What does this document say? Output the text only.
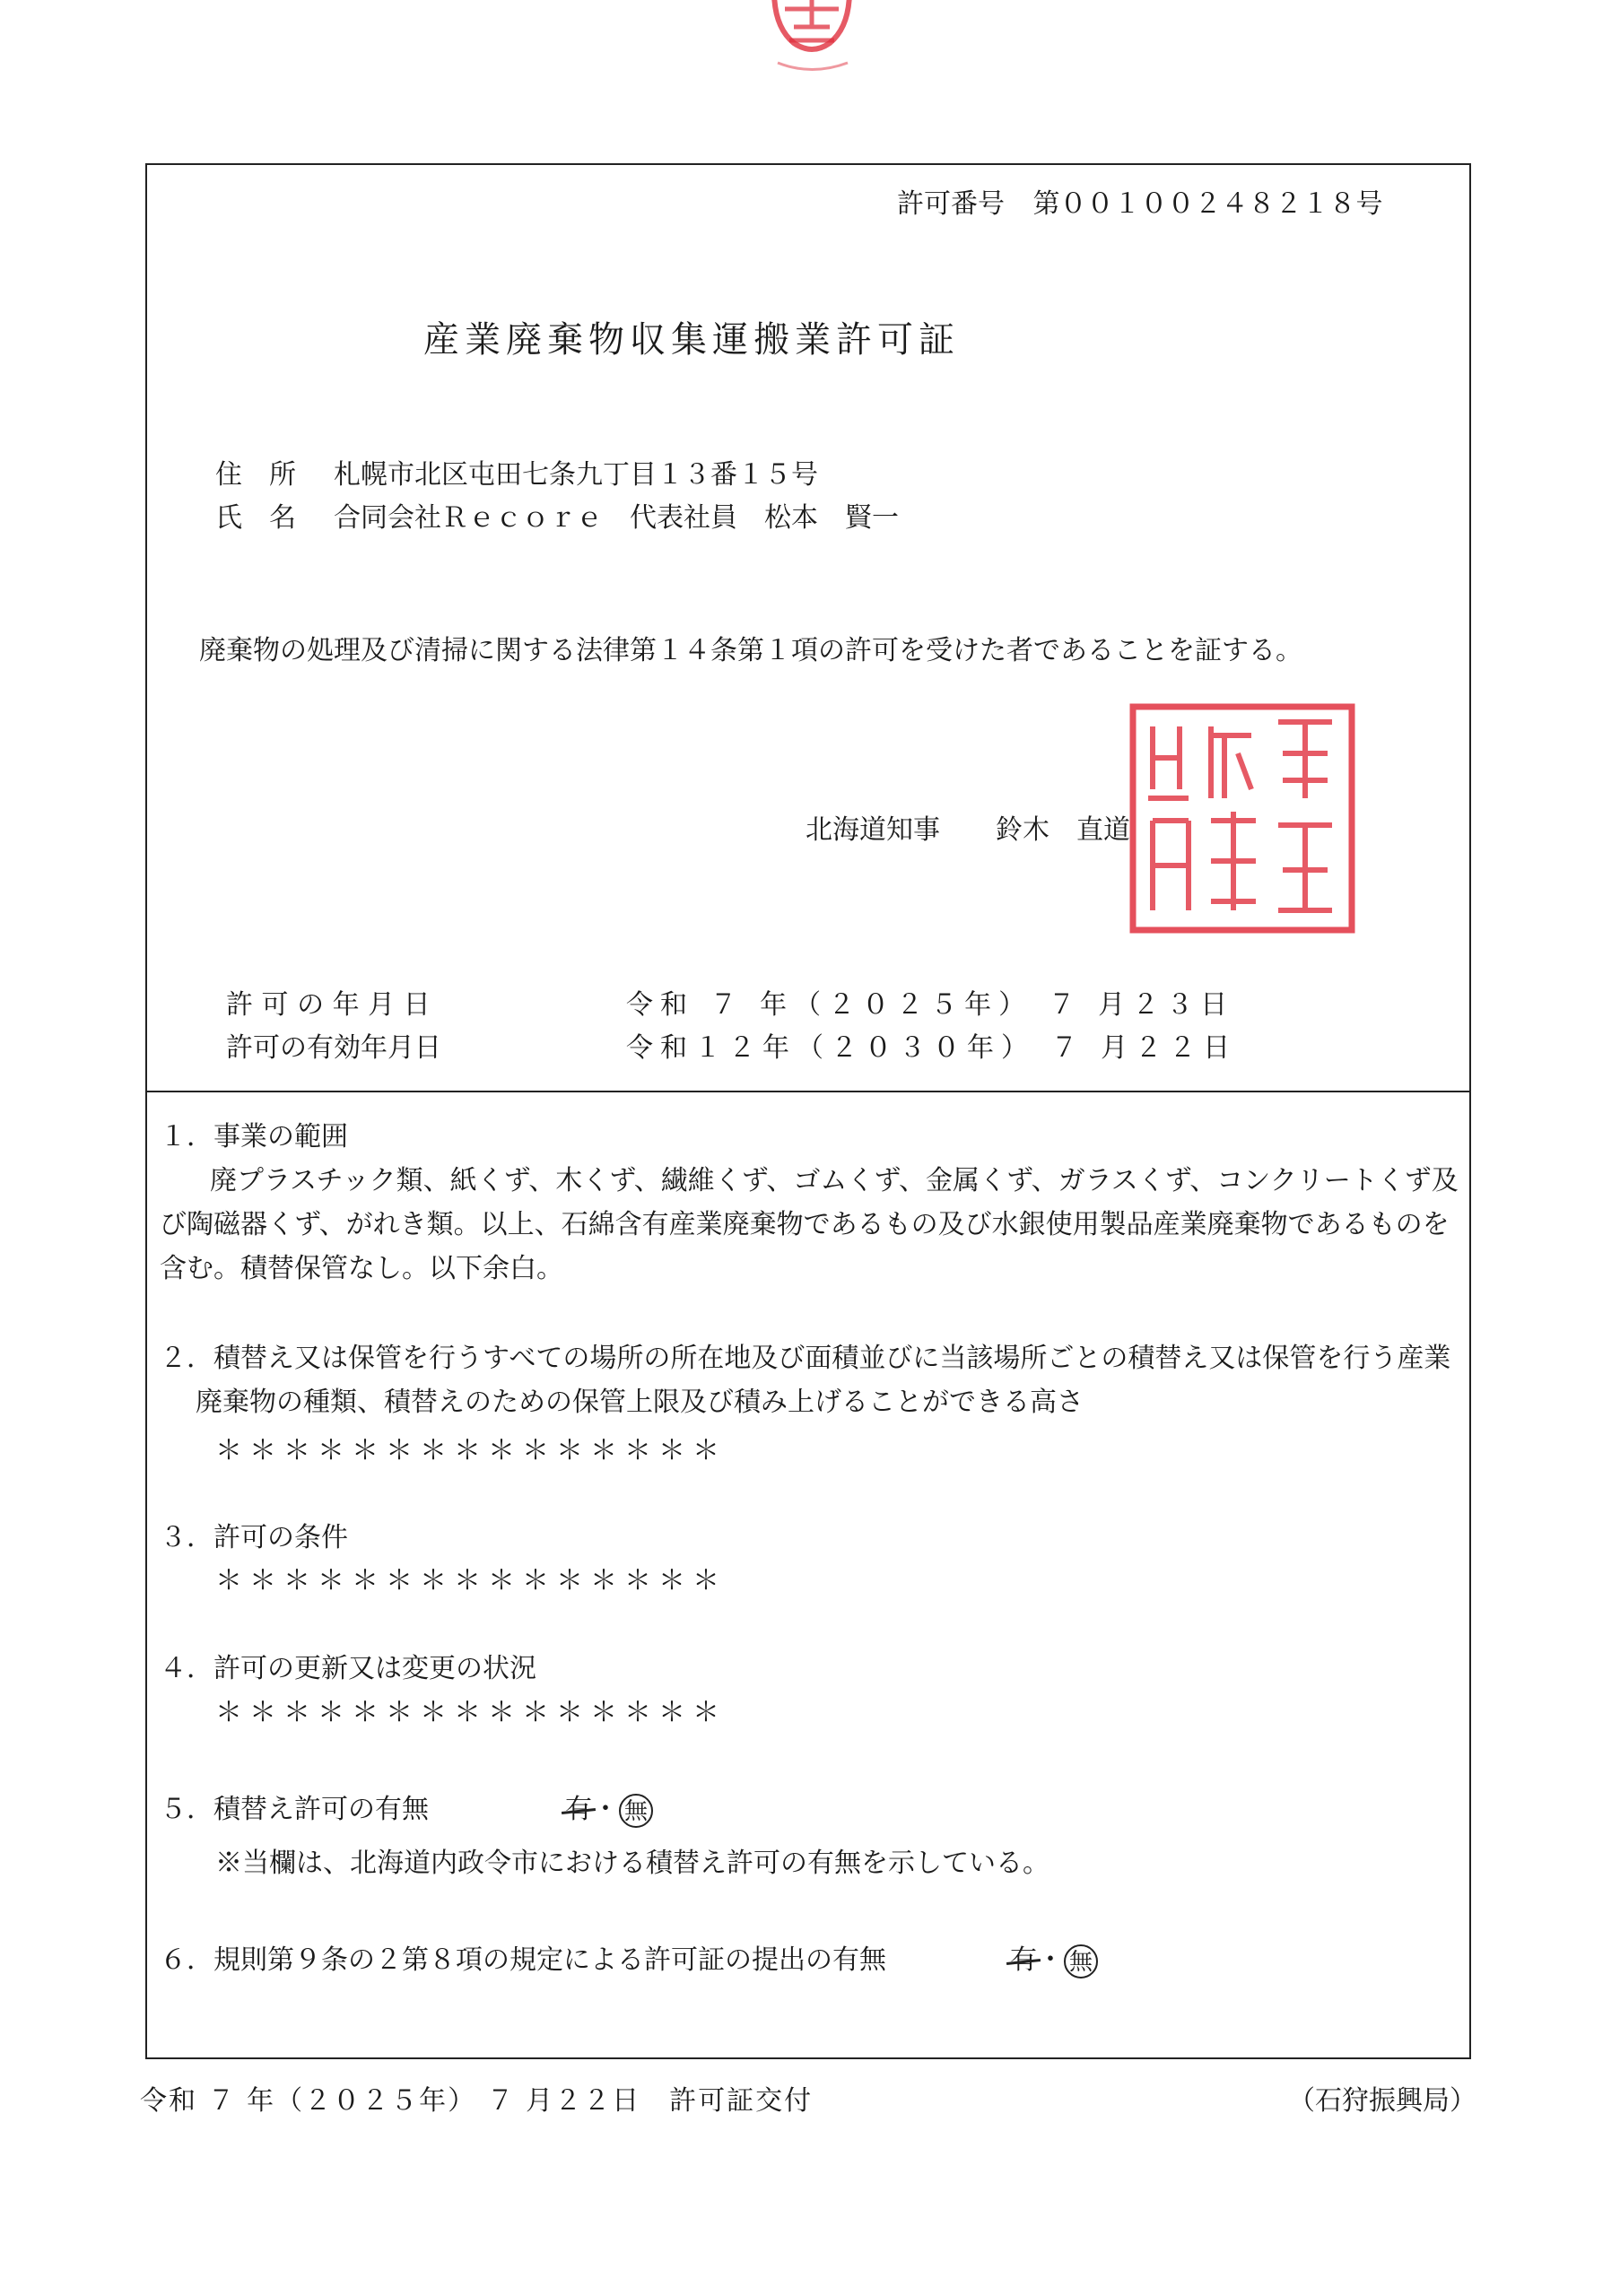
許可番号 第００１００２４８２１８号
産業廃棄物収集運搬業許可証
住　所 札幌市北区屯田七条九丁目１３番１５号
氏　名 合同会社Ｒｅｃｏｒｅ　代表社員　松本　賢一
廃棄物の処理及び清掃に関する法律第１４条第１項の許可を受けた者であることを証する。
北海道知事 鈴木　直道
許 可 の 年 月 日	令和 ７ 年（２０２５年） ７ 月２３日
許可の有効年月日	令和１２年（２０３０年） ７ 月２２日
１．事業の範囲
廃プラスチック類、紙くず、木くず、繊維くず、ゴムくず、金属くず、ガラスくず、コンクリートくず及び陶磁器くず、がれき類。以上、石綿含有産業廃棄物であるもの及び水銀使用製品産業廃棄物であるものを含む。積替保管なし。以下余白。
２．積替え又は保管を行うすべての場所の所在地及び面積並びに当該場所ごとの積替え又は保管を行う産業廃棄物の種類、積替えのための保管上限及び積み上げることができる高さ
＊＊＊＊＊＊＊＊＊＊＊＊＊＊＊
３．許可の条件
＊＊＊＊＊＊＊＊＊＊＊＊＊＊＊
４．許可の更新又は変更の状況
＊＊＊＊＊＊＊＊＊＊＊＊＊＊＊
５．積替え許可の有無	有・ 無
※当欄は、北海道内政令市における積替え許可の有無を示している。
６．規則第９条の２第８項の規定による許可証の提出の有無	有・ 無
令和 ７ 年（２０２５年） ７ 月２２日　許可証交付	（石狩振興局）
